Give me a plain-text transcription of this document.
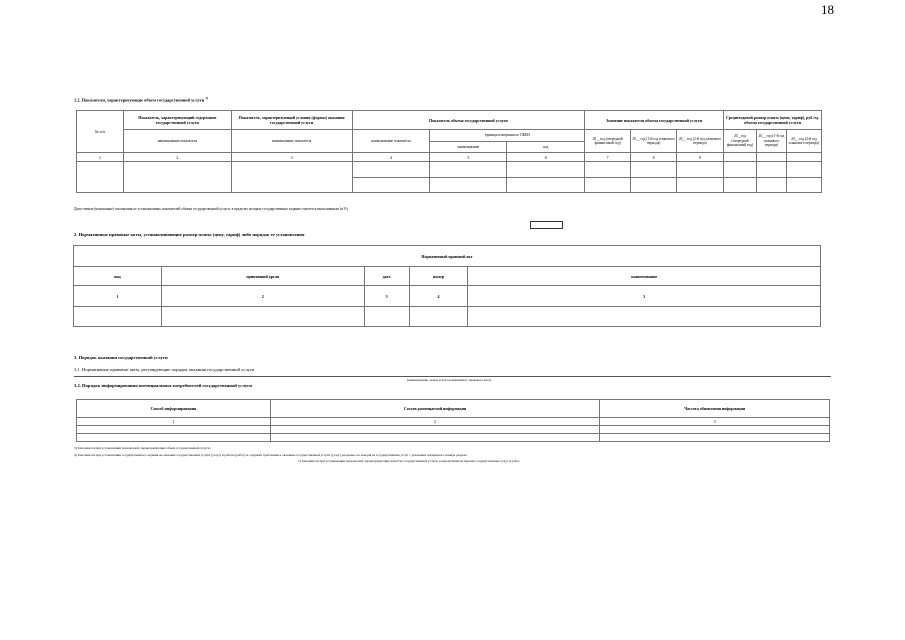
18
1.2. Показатели, характеризующие объем государственной услуги $^{3)}$
№ п/п	Показатель, характеризующий содержание государственной услуги	Показатель, характеризующий условия (формы) оказания государственной услуги	Показатель объема государственной услуги			Значение показателя объема государственной услуги			Среднегодовой размер платы (цена, тариф), руб./ед. объема государственной услуги		
	наименование показателя	наименование показателя	наименование показателя	единица измерения по ОКЕИ		20__год (очередной финансовый год)	20__ год (1-й год планового периода)	20__ год (2-й год планового периода)	20__год (очередной финансовый год)	20__ год (1-й год планового периода)	20__ год (2-й год планового периода)
				наименование	код						
1	2	3	4	5	6	7	8	9			

Допустимые (возможные) отклонения от установленных показателей объема государственной услуги, в пределах которых государственное задание считается выполненным (в %)
2. Нормативные правовые акты, устанавливающие размер платы (цену, тариф) либо порядок ее установления
Нормативный правовой акт				
вид	принявший орган	дата	номер	наименование
1	2	3	4	5

3. Порядок оказания государственной услуги
3.1. Нормативные правовые акты, регулирующие порядок оказания государственной услуги
(наименование, номер и дата нормативного правового акта)
3.2. Порядок информирования потенциальных потребителей государственной услуги
Способ информирования	Состав размещаемой информации	Частота обновления информации
1	2	3

3) Заполняется при установлении показателей, характеризующих объем государственной услуги.
4) Заполняется при установлении государственного задания на оказание государственной услуги (услуг) и работы (работ) и содержит требования к оказанию государственной услуги (услуг) раздельно по каждой из государственных услуг с указанием порядкового номера раздела.
5) Заполняется при установлении показателей, характеризующих качество государственной услуги, в ведомственном перечне государственных услуг и работ.
